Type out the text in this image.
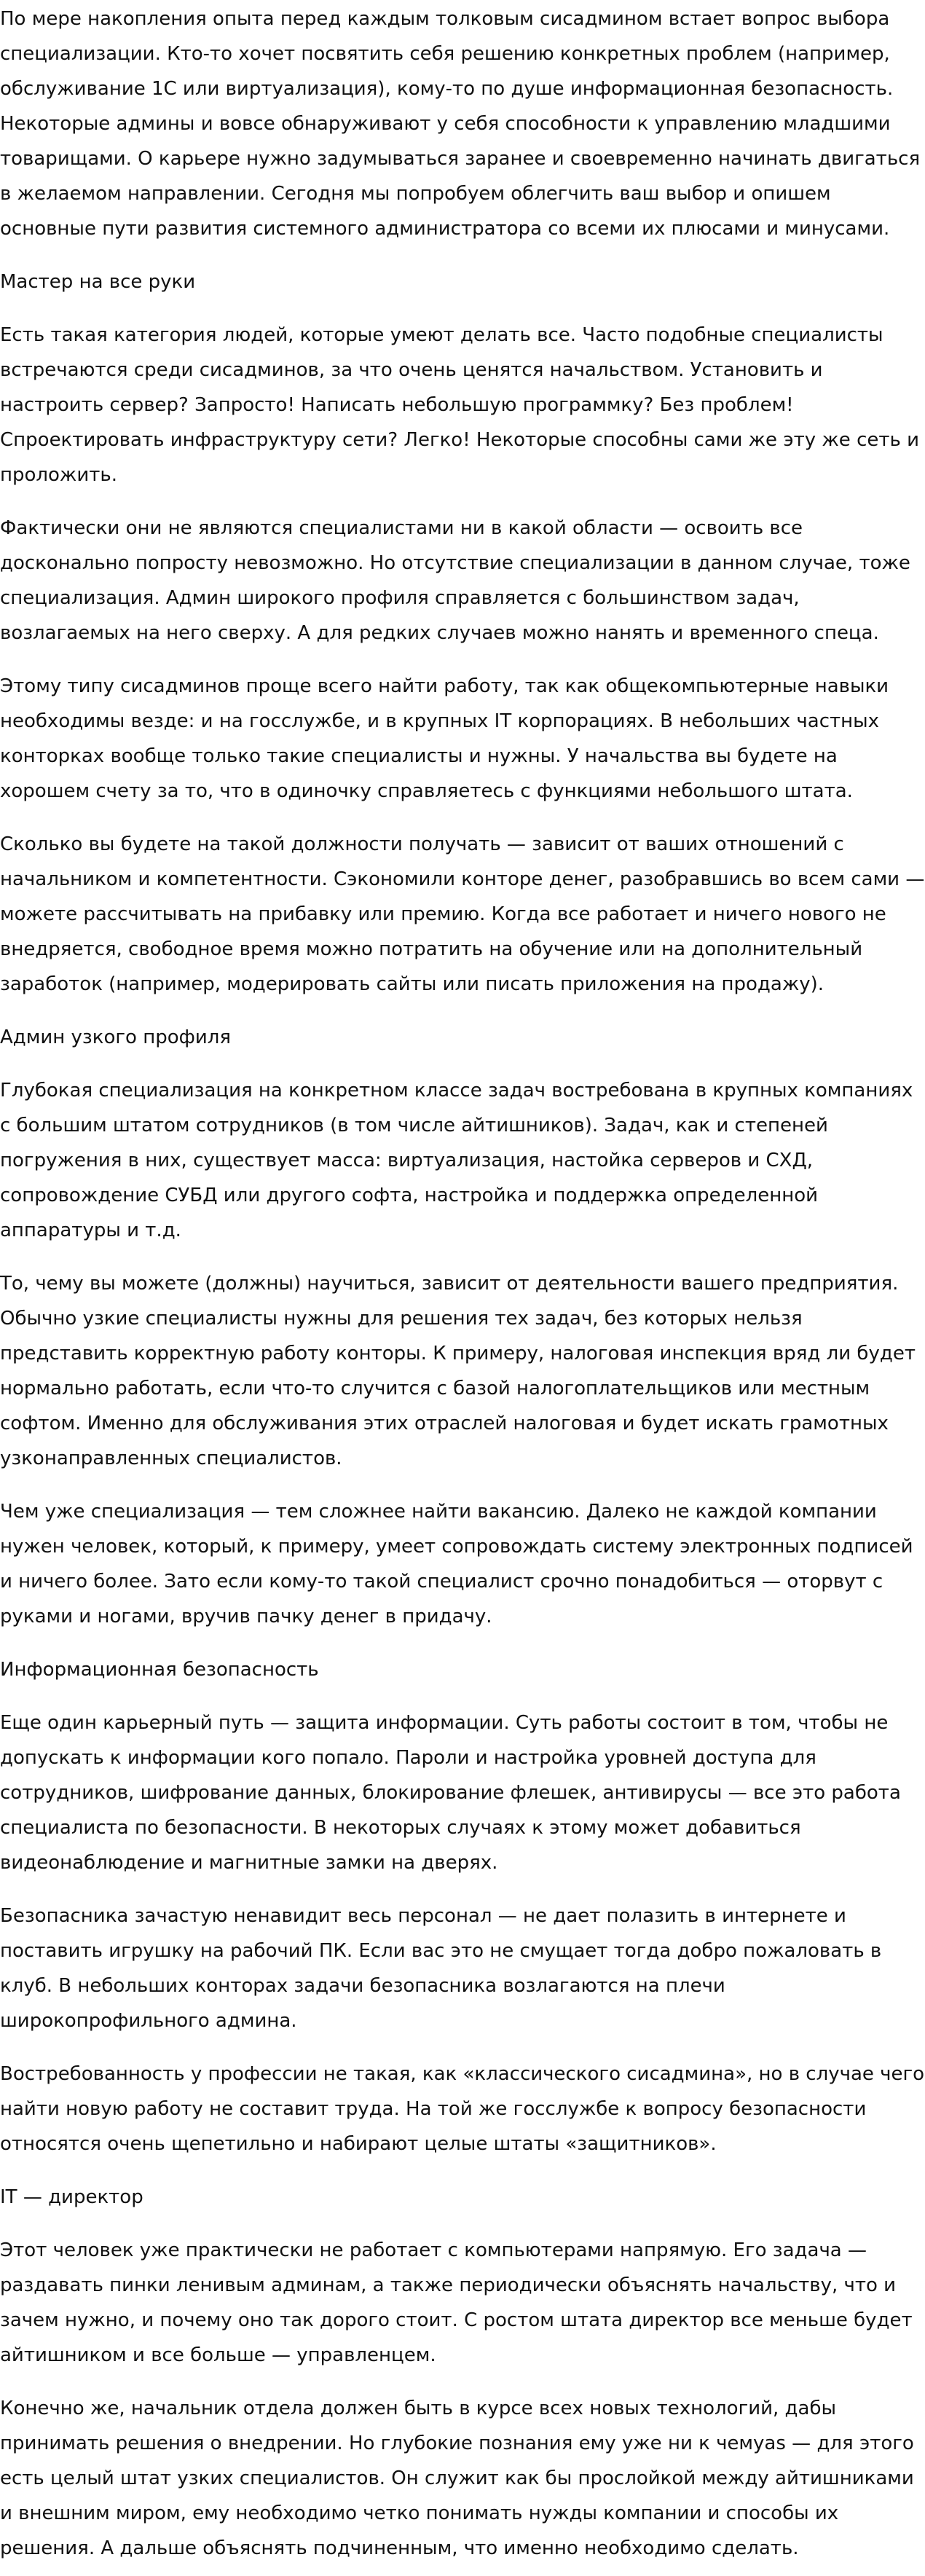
По мере накопления опыта перед каждым толковым сисадмином встает вопрос выбора специализации. Кто-то хочет посвятить себя решению конкретных проблем (например, обслуживание 1С или виртуализация), кому-то по душе информационная безопасность. Некоторые админы и вовсе обнаруживают у себя способности к управлению младшими товарищами. О карьере нужно задумываться заранее и своевременно начинать двигаться в желаемом направлении. Сегодня мы попробуем облегчить ваш выбор и опишем основные пути развития системного администратора со всеми их плюсами и минусами.

Мастер на все руки

Есть такая категория людей, которые умеют делать все. Часто подобные специалисты встречаются среди сисадминов, за что очень ценятся начальством. Установить и настроить сервер? Запросто! Написать небольшую программку? Без проблем! Спроектировать инфраструктуру сети? Легко! Некоторые способны сами же эту же сеть и проложить.

Фактически они не являются специалистами ни в какой области — освоить все досконально попросту невозможно. Но отсутствие специализации в данном случае, тоже специализация. Админ широкого профиля справляется с большинством задач, возлагаемых на него сверху. А для редких случаев можно нанять и временного спеца.

Этому типу сисадминов проще всего найти работу, так как общекомпьютерные навыки необходимы везде: и на госслужбе, и в крупных IT корпорациях. В небольших частных конторках вообще только такие специалисты и нужны. У начальства вы будете на хорошем счету за то, что в одиночку справляетесь с функциями небольшого штата.

Сколько вы будете на такой должности получать — зависит от ваших отношений с начальником и компетентности. Сэкономили конторе денег, разобравшись во всем сами — можете рассчитывать на прибавку или премию. Когда все работает и ничего нового не внедряется, свободное время можно потратить на обучение или на дополнительный заработок (например, модерировать сайты или писать приложения на продажу).

Админ узкого профиля

Глубокая специализация на конкретном классе задач востребована в крупных компаниях с большим штатом сотрудников (в том числе айтишников). Задач, как и степеней погружения в них, существует масса: виртуализация, настойка серверов и СХД, сопровождение СУБД или другого софта, настройка и поддержка определенной аппаратуры и т.д.

То, чему вы можете (должны) научиться, зависит от деятельности вашего предприятия. Обычно узкие специалисты нужны для решения тех задач, без которых нельзя представить корректную работу конторы. К примеру, налоговая инспекция вряд ли будет нормально работать, если что-то случится с базой налогоплательщиков или местным софтом. Именно для обслуживания этих отраслей налоговая и будет искать грамотных узконаправленных специалистов.

Чем уже специализация — тем сложнее найти вакансию. Далеко не каждой компании нужен человек, который, к примеру, умеет сопровождать систему электронных подписей и ничего более. Зато если кому-то такой специалист срочно понадобиться — оторвут с руками и ногами, вручив пачку денег в придачу.

Информационная безопасность

Еще один карьерный путь — защита информации. Суть работы состоит в том, чтобы не допускать к информации кого попало. Пароли и настройка уровней доступа для сотрудников, шифрование данных, блокирование флешек, антивирусы — все это работа специалиста по безопасности. В некоторых случаях к этому может добавиться видеонаблюдение и магнитные замки на дверях.

Безопасника зачастую ненавидит весь персонал — не дает полазить в интернете и поставить игрушку на рабочий ПК. Если вас это не смущает тогда добро пожаловать в клуб. В небольших конторах задачи безопасника возлагаются на плечи широкопрофильного админа.

Востребованность у профессии не такая, как «классического сисадмина», но в случае чего найти новую работу не составит труда. На той же госслужбе к вопросу безопасности относятся очень щепетильно и набирают целые штаты «защитников».

IT — директор

Этот человек уже практически не работает с компьютерами напрямую. Его задача — раздавать пинки ленивым админам, а также периодически объяснять начальству, что и зачем нужно, и почему оно так дорого стоит. С ростом штата директор все меньше будет айтишником и все больше — управленцем.

Конечно же, начальник отдела должен быть в курсе всех новых технологий, дабы принимать решения о внедрении. Но глубокие познания ему уже ни к чемуas — для этого есть целый штат узких специалистов. Он служит как бы прослойкой между айтишниками и внешним миром, ему необходимо четко понимать нужды компании и способы их решения. А дальше объяснять подчиненным, что именно необходимо сделать.
